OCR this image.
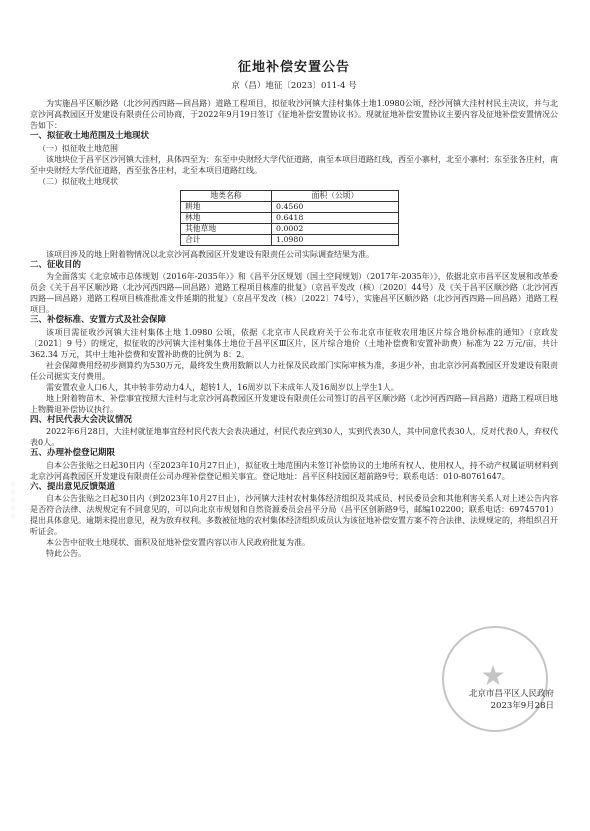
＊＊＊＊＊
征地补偿安置公告
京（昌）地征〔2023〕011-4 号

为实施昌平区顺沙路（北沙河西四路—回昌路）道路工程项目，拟征收沙河镇大洼村集体土地1.0980公顷，经沙河镇大洼村村民主决议，并与北京沙河高教园区开发建设有限责任公司协商，于2022年9月19日签订《征地补偿安置协议书》。现就征地补偿安置协议主要内容及征地补偿安置情况公告如下：

一、拟征收土地范围及土地现状
（一）拟征收土地范围

该地块位于昌平区沙河镇大洼村，具体四至为：东至中央财经大学代征道路，南至本项目道路红线，西至小寨村，北至小寨村；东至张各庄村，南至中央财经大学代征道路，西至张各庄村，北至本项目道路红线。

（二）拟征收土地现状
地类名称	面积（公顷）
耕地	0.4560
林地	0.6418
其他草地	0.0002
合计	1.0980

该项目涉及的地上附着物情况以北京沙河高教园区开发建设有限责任公司实际调查结果为准。

二、征收目的

为全面落实《北京城市总体规划（2016年-2035年）》和《昌平分区规划（国土空间规划）（2017年-2035年）》，依据北京市昌平区发展和改革委员会《关于昌平区顺沙路（北沙河西四路—回昌路）道路工程项目核准的批复》（京昌平发改（核）〔2020〕44号）及《关于昌平区顺沙路（北沙河西四路—回昌路）道路工程项目核准批准文件延期的批复》（京昌平发改（核）〔2022〕74号），实施昌平区顺沙路（北沙河西四路—回昌路）道路工程项目。

三、补偿标准、安置方式及社会保障

该项目需征收沙河镇大洼村集体土地 1.0980 公顷，依据《北京市人民政府关于公布北京市征收农用地区片综合地价标准的通知》（京政发〔2021〕9 号）的规定，拟征收的沙河镇大洼村集体土地位于昌平区Ⅲ区片，区片综合地价（土地补偿费和安置补助费）标准为 22 万元/亩，共计 362.34 万元，其中土地补偿费和安置补助费的比例为 8：2。

社会保障费用经初步测算约为530万元，最终发生费用数额以人力社保及民政部门实际审核为准，多退少补，由北京沙河高教园区开发建设有限责任公司据实支付费用。

需安置农业人口6人，其中转非劳动力4人，超转1人，16周岁以下未成年人及16周岁以上学生1人。

地上附着物苗木、补偿事宜按照大洼村与北京沙河高教园区开发建设有限责任公司签订的昌平区顺沙路（北沙河西四路—回昌路）道路工程项目地上物腾退补偿协议执行。

四、村民代表大会决议情况

2022年6月28日，大洼村就征地事宜经村民代表大会表决通过，村民代表应到30人，实到代表30人，其中同意代表30人，反对代表0人，弃权代表0人。

五、办理补偿登记期限

自本公告张贴之日起30日内（至2023年10月27日止），拟征收土地范围内未签订补偿协议的土地所有权人、使用权人，持不动产权属证明材料到北京沙河高教园区开发建设有限责任公司办理补偿登记相关事宜。登记地址：昌平区科技园区超前路9号；联系电话：010-80761647。

六、提出意见反馈渠道

自本公告张贴之日起30日内（到2023年10月27日止），沙河镇大洼村农村集体经济组织及其成员、村民委员会和其他利害关系人对上述公告内容是否符合法律、法规规定有不同意见的，可以向北京市规划和自然资源委员会昌平分局（昌平区创新路9号，邮编102200；联系电话：69745701）提出具体意见。逾期未提出意见，视为放弃权利。多数被征地的农村集体经济组织成员认为该征地补偿安置方案不符合法律、法规规定的，将组织召开听证会。

本公告中征收土地现状、面积及征地补偿安置内容以市人民政府批复为准。

特此公告。

★
北京市昌平区人民政府
2023年9月28日
